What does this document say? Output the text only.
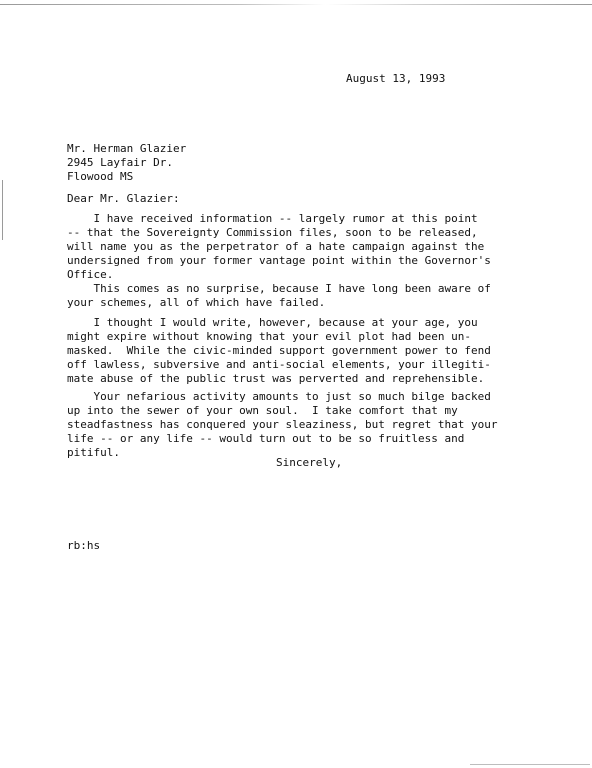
August 13, 1993
Mr. Herman Glazier
2945 Layfair Dr.
Flowood MS
Dear Mr. Glazier:
I have received information -- largely rumor at this point
-- that the Sovereignty Commission files, soon to be released,
will name you as the perpetrator of a hate campaign against the
undersigned from your former vantage point within the Governor's
Office.
This comes as no surprise, because I have long been aware of
your schemes, all of which have failed.
I thought I would write, however, because at your age, you
might expire without knowing that your evil plot had been un-
masked.  While the civic-minded support government power to fend
off lawless, subversive and anti-social elements, your illegiti-
mate abuse of the public trust was perverted and reprehensible.
Your nefarious activity amounts to just so much bilge backed
up into the sewer of your own soul.  I take comfort that my
steadfastness has conquered your sleaziness, but regret that your
life -- or any life -- would turn out to be so fruitless and
pitiful.
Sincerely,
rb:hs
